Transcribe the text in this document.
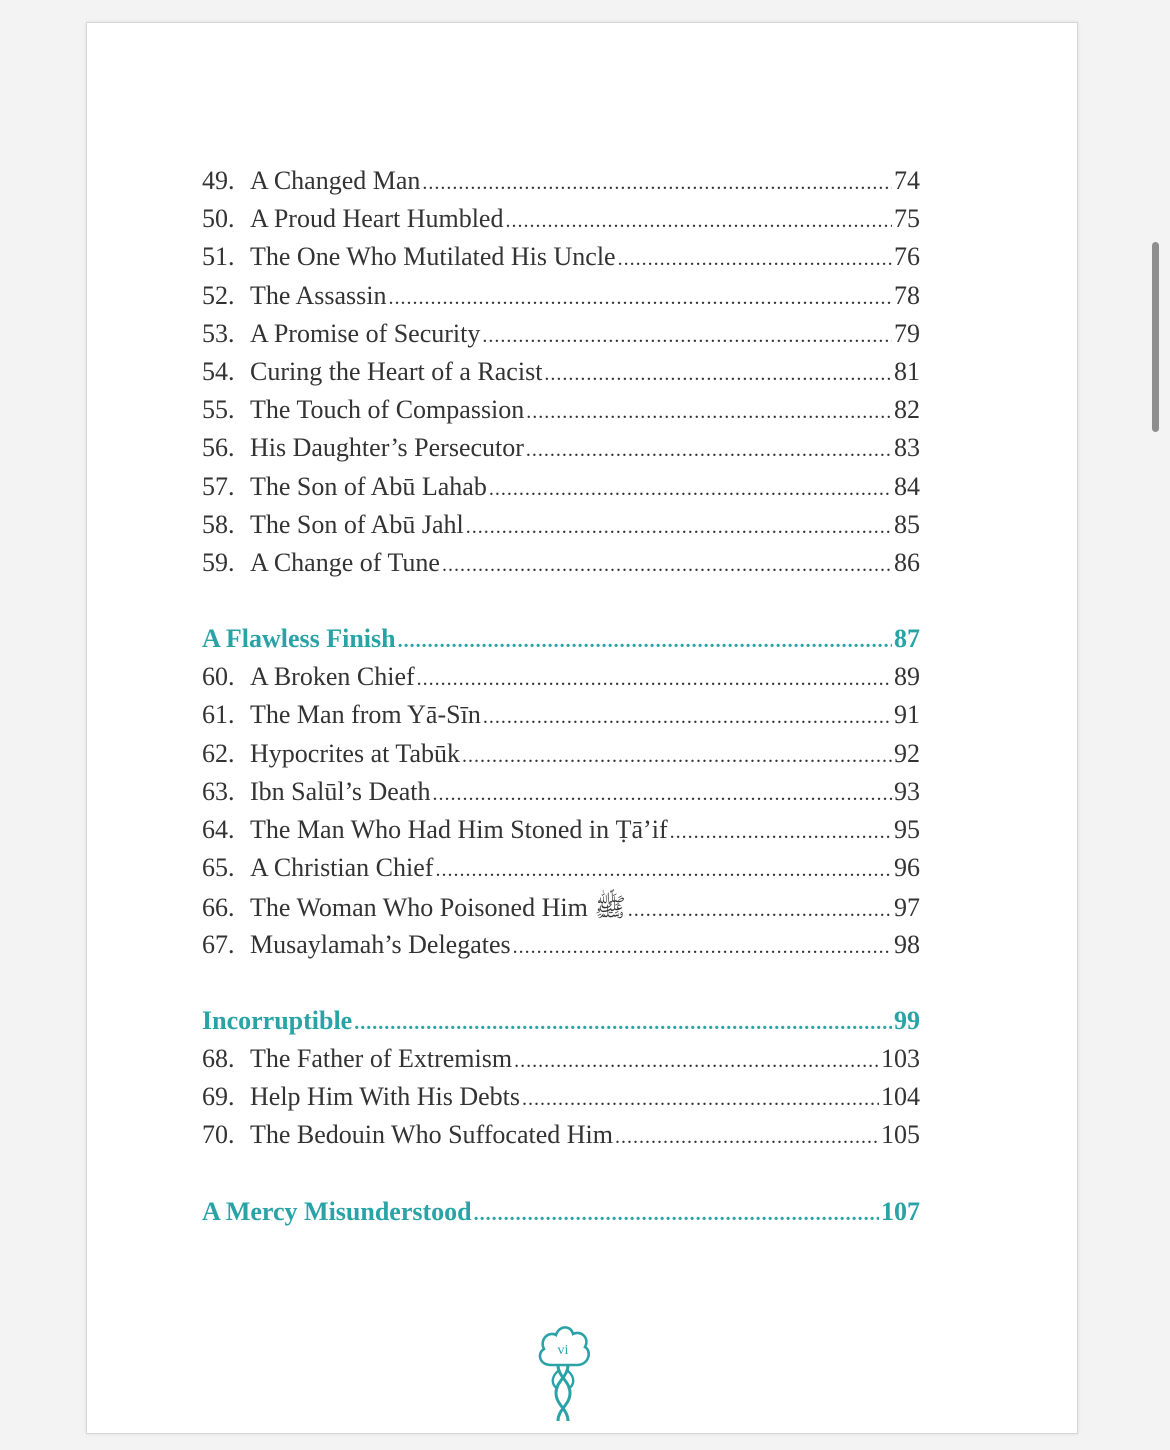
49. A Changed Man .....	74
50. A Proud Heart Humbled .....	75
51. The One Who Mutilated His Uncle .....	76
52. The Assassin .....	78
53. A Promise of Security .....	79
54. Curing the Heart of a Racist .....	81
55. The Touch of Compassion .....	82
56. His Daughter’s Persecutor .....	83
57. The Son of Abū Lahab .....	84
58. The Son of Abū Jahl .....	85
59. A Change of Tune .....	86
A Flawless Finish .....	87
60. A Broken Chief .....	89
61. The Man from Yā-Sīn .....	91
62. Hypocrites at Tabūk .....	92
63. Ibn Salūl’s Death .....	93
64. The Man Who Had Him Stoned in Ṭā’if .....	95
65. A Christian Chief .....	96
66. The Woman Who Poisoned Him ﷺ .....	97
67. Musaylamah’s Delegates .....	98
Incorruptible .....	99
68. The Father of Extremism .....	103
69. Help Him With His Debts .....	104
70. The Bedouin Who Suffocated Him .....	105
A Mercy Misunderstood .....	107
vi
